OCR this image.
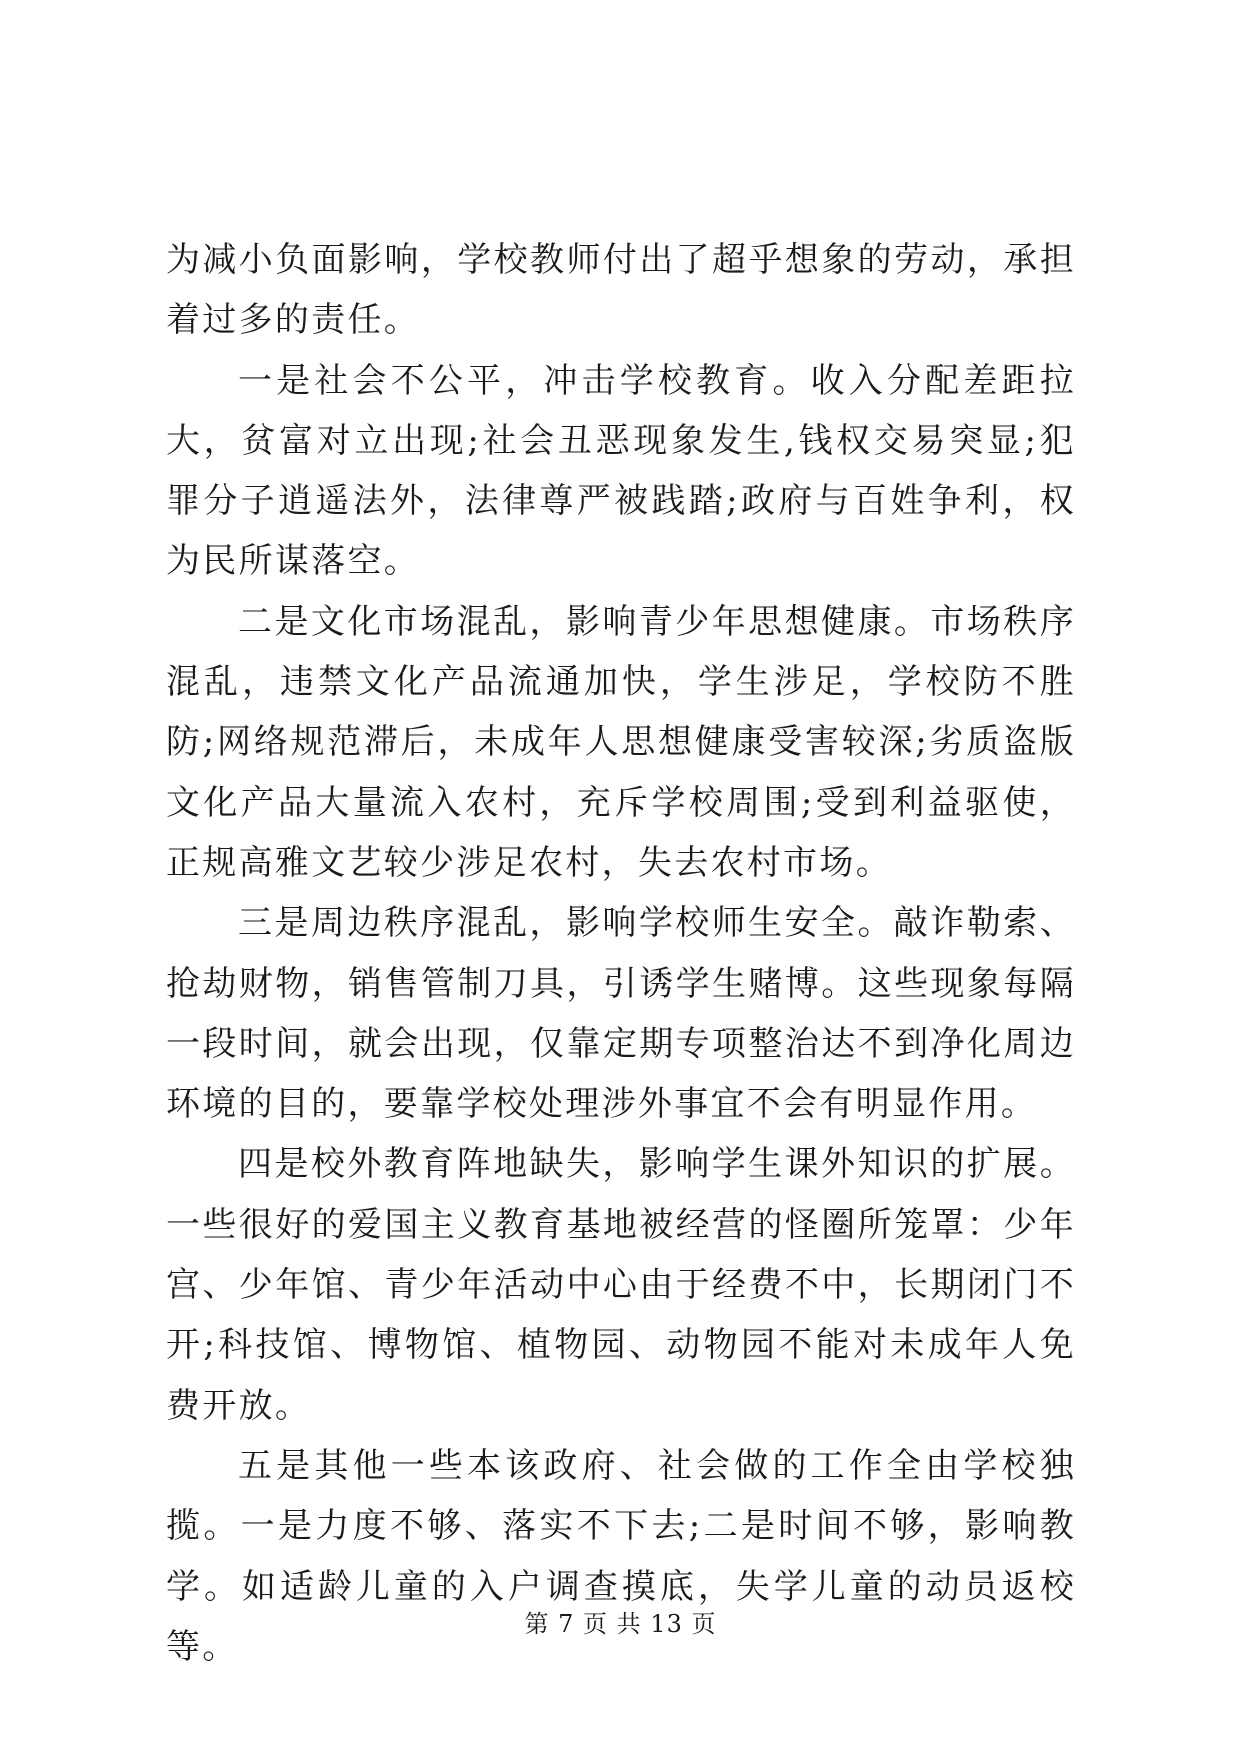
为减小负面影响，学校教师付出了超乎想象的劳动，承担着过多的责任。

一是社会不公平，冲击学校教育。收入分配差距拉大，贫富对立出现;社会丑恶现象发生,钱权交易突显;犯罪分子逍遥法外，法律尊严被践踏;政府与百姓争利，权为民所谋落空。

二是文化市场混乱，影响青少年思想健康。市场秩序混乱，违禁文化产品流通加快，学生涉足，学校防不胜防;网络规范滞后，未成年人思想健康受害较深;劣质盗版文化产品大量流入农村，充斥学校周围;受到利益驱使，正规高雅文艺较少涉足农村，失去农村市场。

三是周边秩序混乱，影响学校师生安全。敲诈勒索、抢劫财物，销售管制刀具，引诱学生赌博。这些现象每隔一段时间，就会出现，仅靠定期专项整治达不到净化周边环境的目的，要靠学校处理涉外事宜不会有明显作用。

四是校外教育阵地缺失，影响学生课外知识的扩展。一些很好的爱国主义教育基地被经营的怪圈所笼罩：少年宫、少年馆、青少年活动中心由于经费不中，长期闭门不开;科技馆、博物馆、植物园、动物园不能对未成年人免费开放。

五是其他一些本该政府、社会做的工作全由学校独揽。一是力度不够、落实不下去;二是时间不够，影响教学。如适龄儿童的入户调查摸底，失学儿童的动员返校等。

第 7 页 共 13 页
